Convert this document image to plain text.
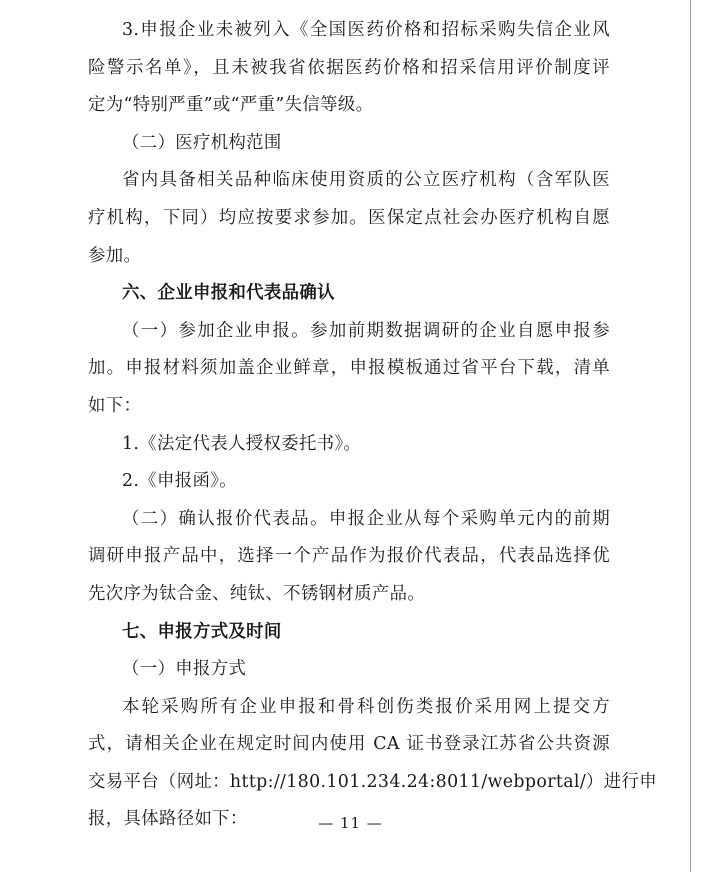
3.申报企业未被列入《全国医药价格和招标采购失信企业风
险警示名单》，且未被我省依据医药价格和招采信用评价制度评
定为“特别严重”或“严重”失信等级。
（二）医疗机构范围
省内具备相关品种临床使用资质的公立医疗机构（含军队医
疗机构，下同）均应按要求参加。医保定点社会办医疗机构自愿
参加。
六、企业申报和代表品确认
（一）参加企业申报。参加前期数据调研的企业自愿申报参
加。申报材料须加盖企业鲜章，申报模板通过省平台下载，清单
如下：
1.《法定代表人授权委托书》。
2.《申报函》。
（二）确认报价代表品。申报企业从每个采购单元内的前期
调研申报产品中，选择一个产品作为报价代表品，代表品选择优
先次序为钛合金、纯钛、不锈钢材质产品。
七、申报方式及时间
（一）申报方式
本轮采购所有企业申报和骨科创伤类报价采用网上提交方
式，请相关企业在规定时间内使用 CA 证书登录江苏省公共资源
交易平台（网址：http://180.101.234.24:8011/webportal/）进行申
报，具体路径如下：	— 11 —
